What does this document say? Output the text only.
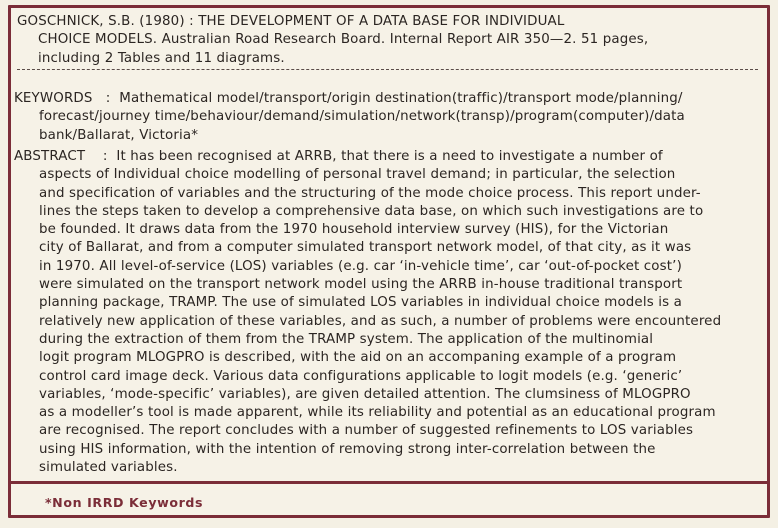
GOSCHNICK, S.B. (1980) : THE DEVELOPMENT OF A DATA BASE FOR INDIVIDUAL
CHOICE MODELS. Australian Road Research Board. Internal Report AIR 350—2. 51 pages,
including 2 Tables and 11 diagrams.
KEYWORDS : Mathematical model/transport/origin destination(traffic)/transport mode/planning/
forecast/journey time/behaviour/demand/simulation/network(transp)/program(computer)/data
bank/Ballarat, Victoria*
ABSTRACT : It has been recognised at ARRB, that there is a need to investigate a number of
aspects of Individual choice modelling of personal travel demand; in particular, the selection
and specification of variables and the structuring of the mode choice process. This report under-
lines the steps taken to develop a comprehensive data base, on which such investigations are to
be founded. It draws data from the 1970 household interview survey (HIS), for the Victorian
city of Ballarat, and from a computer simulated transport network model, of that city, as it was
in 1970. All level-of-service (LOS) variables (e.g. car ‘in-vehicle time’, car ‘out-of-pocket cost’)
were simulated on the transport network model using the ARRB in-house traditional transport
planning package, TRAMP. The use of simulated LOS variables in individual choice models is a
relatively new application of these variables, and as such, a number of problems were encountered
during the extraction of them from the TRAMP system. The application of the multinomial
logit program MLOGPRO is described, with the aid on an accompaning example of a program
control card image deck. Various data configurations applicable to logit models (e.g. ‘generic’
variables, ‘mode-specific’ variables), are given detailed attention. The clumsiness of MLOGPRO
as a modeller’s tool is made apparent, while its reliability and potential as an educational program
are recognised. The report concludes with a number of suggested refinements to LOS variables
using HIS information, with the intention of removing strong inter-correlation between the
simulated variables.
*Non IRRD Keywords
